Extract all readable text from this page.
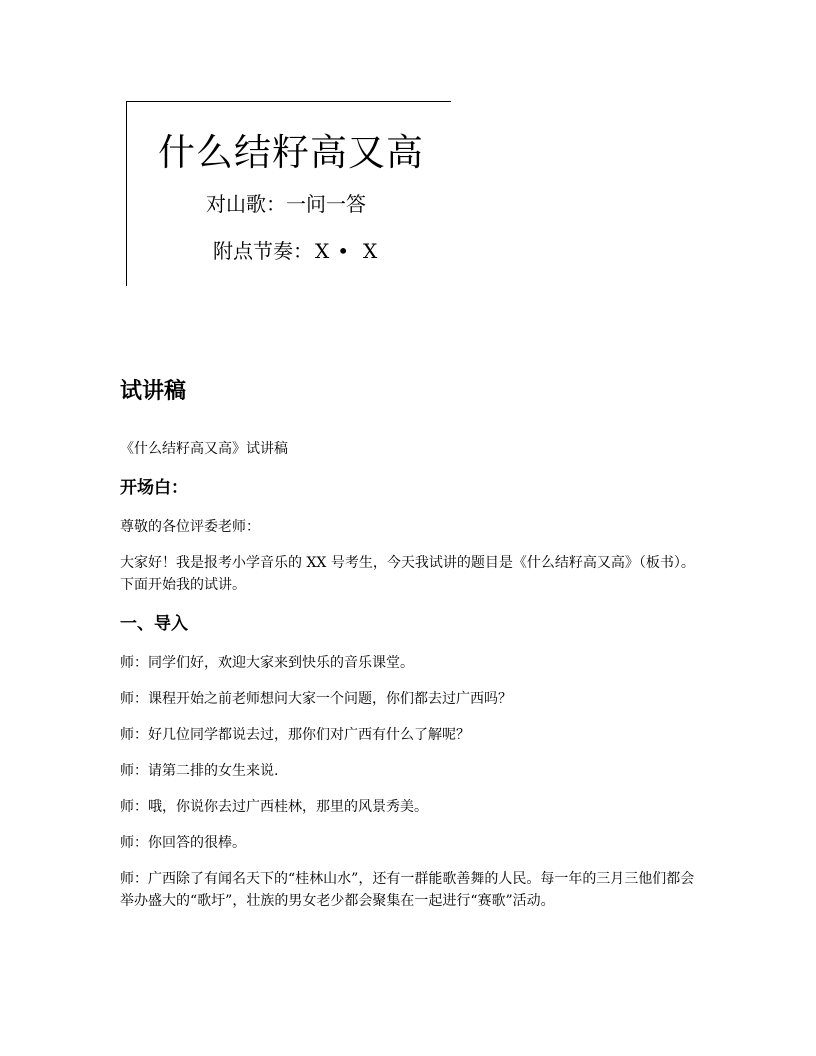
什么结籽高又高
对山歌：一问一答
附点节奏： X • X
试讲稿
《什么结籽高又高》试讲稿
开场白：
尊敬的各位评委老师：
大家好！我是报考小学音乐的 XX 号考生，今天我试讲的题目是《什么结籽高又高》（板书）。下面开始我的试讲。
一、导入
师：同学们好，欢迎大家来到快乐的音乐课堂。
师：课程开始之前老师想问大家一个问题，你们都去过广西吗？
师：好几位同学都说去过，那你们对广西有什么了解呢？
师：请第二排的女生来说.
师：哦，你说你去过广西桂林，那里的风景秀美。
师：你回答的很棒。
师：广西除了有闻名天下的“桂林山水”，还有一群能歌善舞的人民。每一年的三月三他们都会举办盛大的“歌圩”，壮族的男女老少都会聚集在一起进行“赛歌”活动。
